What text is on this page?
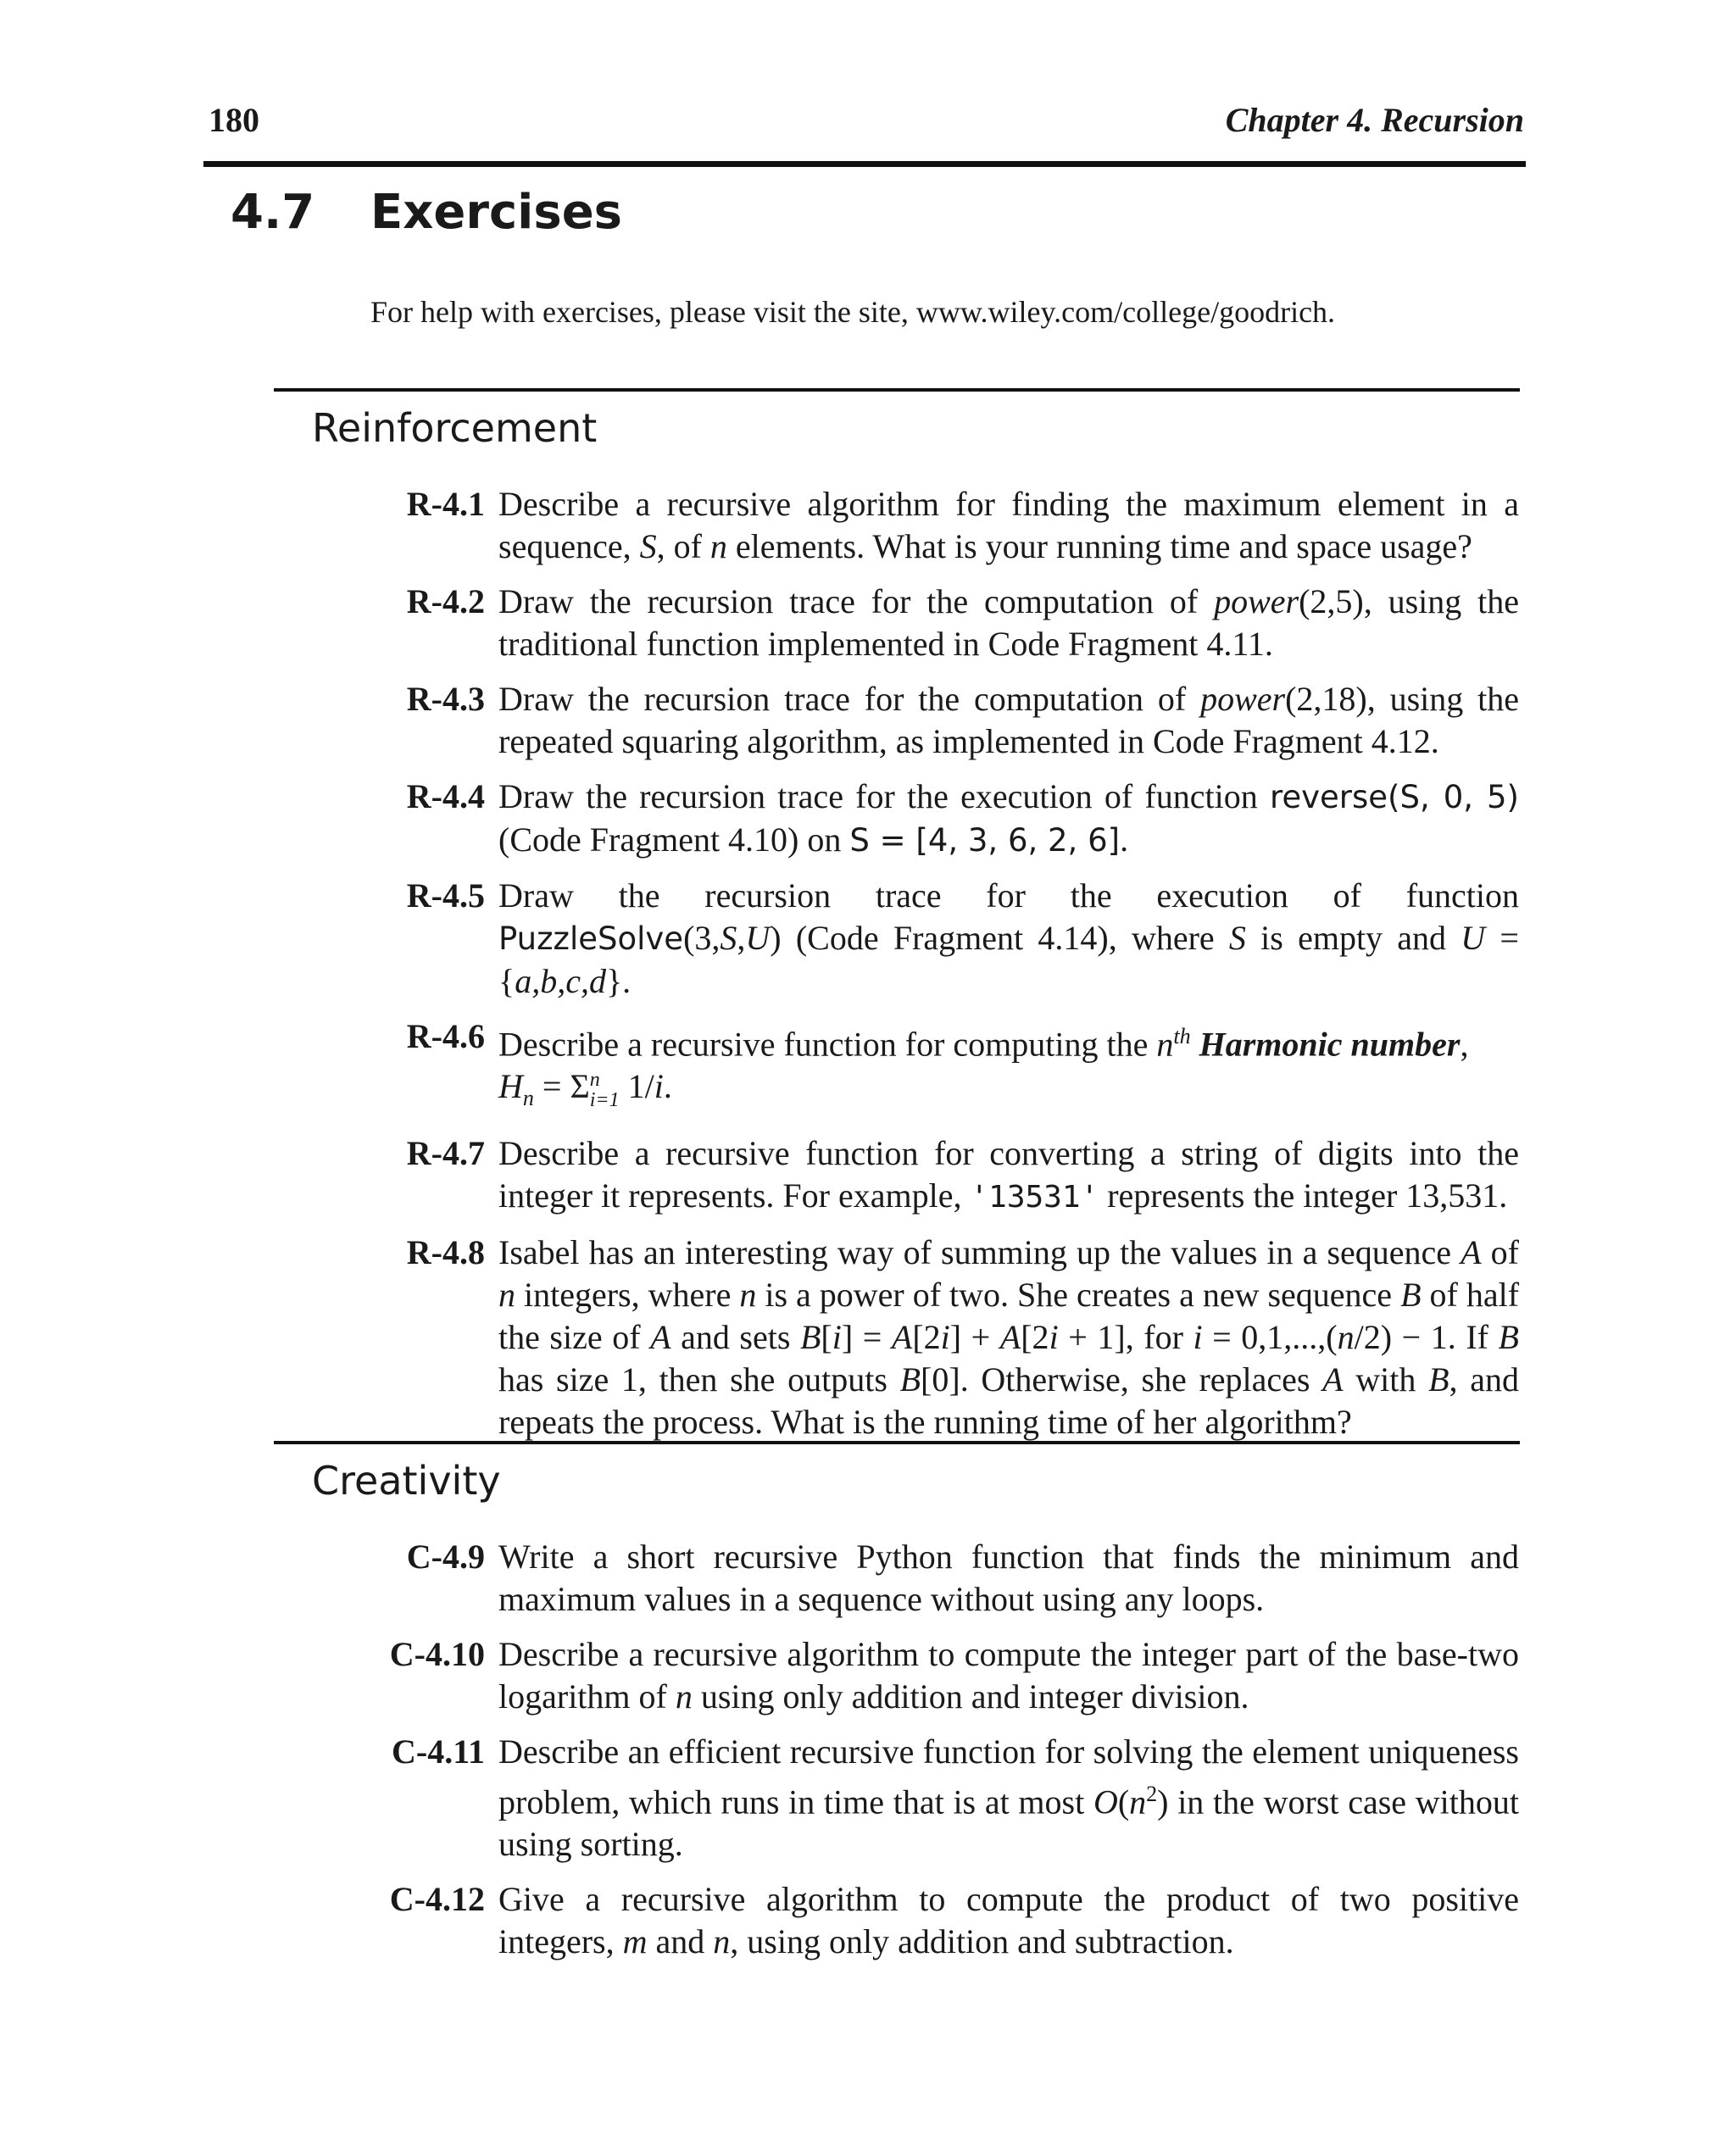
180	Chapter 4. Recursion
4.7 Exercises
For help with exercises, please visit the site, www.wiley.com/college/goodrich.
Reinforcement
R-4.1 Describe a recursive algorithm for finding the maximum element in a sequence, S, of n elements. What is your running time and space usage?
R-4.2 Draw the recursion trace for the computation of power(2,5), using the traditional function implemented in Code Fragment 4.11.
R-4.3 Draw the recursion trace for the computation of power(2,18), using the repeated squaring algorithm, as implemented in Code Fragment 4.12.
R-4.4 Draw the recursion trace for the execution of function reverse(S, 0, 5) (Code Fragment 4.10) on S = [4, 3, 6, 2, 6].
R-4.5 Draw the recursion trace for the execution of function PuzzleSolve(3,S,U) (Code Fragment 4.14), where S is empty and U = {a,b,c,d}.
R-4.6 Describe a recursive function for computing the $n^{th}$ Harmonic number,
$H_n = \Sigma$ n
i=1 1/i.
R-4.7 Describe a recursive function for converting a string of digits into the integer it represents. For example, '13531' represents the integer 13,531.
R-4.8 Isabel has an interesting way of summing up the values in a sequence A of n integers, where n is a power of two. She creates a new sequence B of half the size of A and sets B[i] = A[2i] + A[2i + 1], for i = 0,1,...,(n/2) − 1. If B has size 1, then she outputs B[0]. Otherwise, she replaces A with B, and repeats the process. What is the running time of her algorithm?
Creativity
C-4.9 Write a short recursive Python function that finds the minimum and maximum values in a sequence without using any loops.
C-4.10 Describe a recursive algorithm to compute the integer part of the base-two logarithm of n using only addition and integer division.
C-4.11 Describe an efficient recursive function for solving the element uniqueness problem, which runs in time that is at most $O(n^2)$ in the worst case without using sorting.
C-4.12 Give a recursive algorithm to compute the product of two positive integers, m and n, using only addition and subtraction.
